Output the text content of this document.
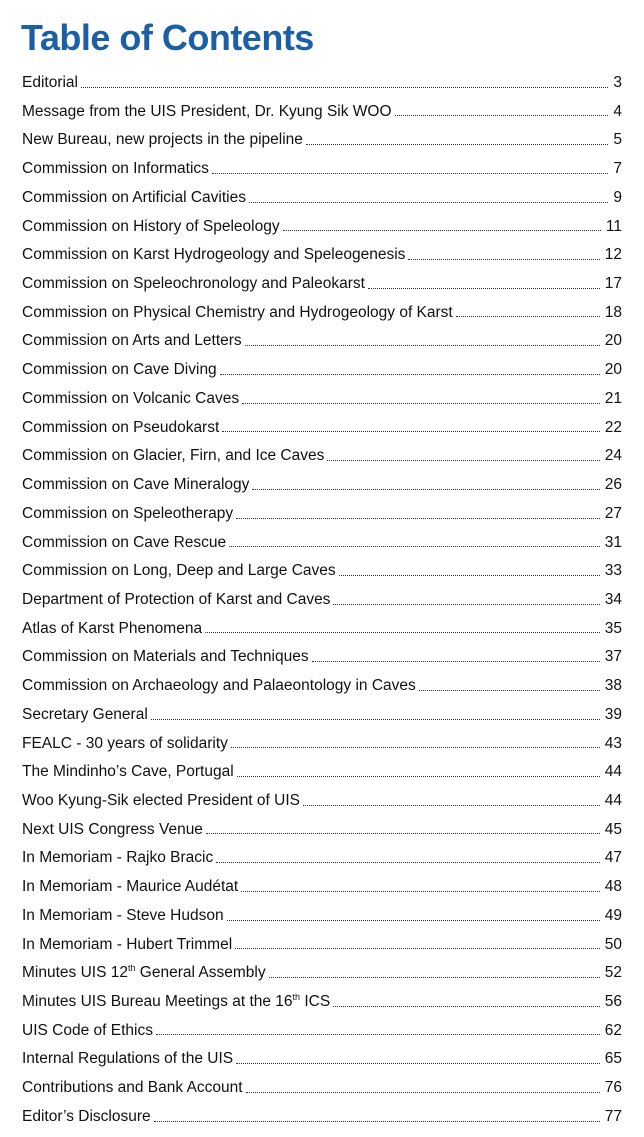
Table of Contents
Editorial	3
Message from the UIS President, Dr. Kyung Sik WOO	4
New Bureau, new projects in the pipeline	5
Commission on Informatics	7
Commission on Artificial Cavities	9
Commission on History of Speleology	11
Commission on Karst Hydrogeology and Speleogenesis	12
Commission on Speleochronology and Paleokarst	17
Commission on Physical Chemistry and Hydrogeology of Karst	18
Commission on Arts and Letters	20
Commission on Cave Diving	20
Commission on Volcanic Caves	21
Commission on Pseudokarst	22
Commission on Glacier, Firn, and Ice Caves	24
Commission on Cave Mineralogy	26
Commission on Speleotherapy	27
Commission on Cave Rescue	31
Commission on Long, Deep and Large Caves	33
Department of Protection of Karst and Caves	34
Atlas of Karst Phenomena	35
Commission on Materials and Techniques	37
Commission on Archaeology and Palaeontology in Caves	38
Secretary General	39
FEALC - 30 years of solidarity	43
The Mindinho’s Cave, Portugal	44
Woo Kyung-Sik elected President of UIS	44
Next UIS Congress Venue	45
In Memoriam - Rajko Bracic	47
In Memoriam - Maurice Audétat	48
In Memoriam - Steve Hudson	49
In Memoriam - Hubert Trimmel	50
Minutes UIS 12th General Assembly	52
Minutes UIS Bureau Meetings at the 16th ICS	56
UIS Code of Ethics	62
Internal Regulations of the UIS	65
Contributions and Bank Account	76
Editor’s Disclosure	77
